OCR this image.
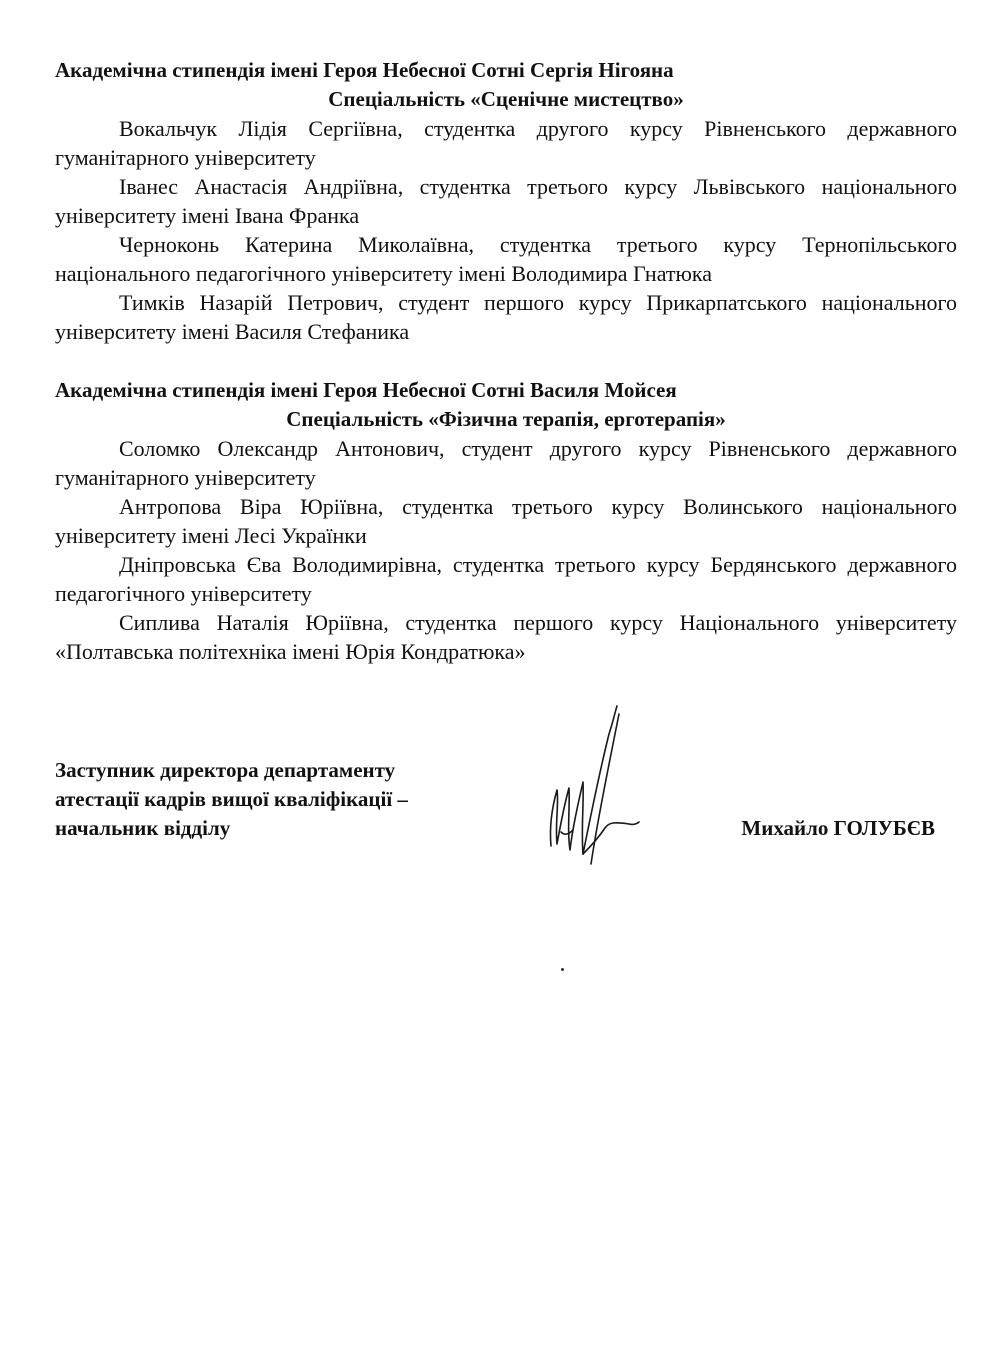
Академічна стипендія імені Героя Небесної Сотні Сергія Нігояна

Спеціальність «Сценічне мистецтво»

Вокальчук Лідія Сергіївна, студентка другого курсу Рівненського державного гуманітарного університету

Іванес Анастасія Андріївна, студентка третього курсу Львівського національного університету імені Івана Франка

Черноконь Катерина Миколаївна, студентка третього курсу Тернопільського національного педагогічного університету імені Володимира Гнатюка

Тимків Назарій Петрович, студент першого курсу Прикарпатського національного університету імені Василя Стефаника

Академічна стипендія імені Героя Небесної Сотні Василя Мойсея

Спеціальність «Фізична терапія, ерготерапія»

Соломко Олександр Антонович, студент другого курсу Рівненського державного гуманітарного університету

Антропова Віра Юріївна, студентка третього курсу Волинського національного університету імені Лесі Українки

Дніпровська Єва Володимирівна, студентка третього курсу Бердянського державного педагогічного університету

Сиплива Наталія Юріївна, студентка першого курсу Національного університету «Полтавська політехніка імені Юрія Кондратюка»

Заступник директора департаменту
атестації кадрів вищої кваліфікації –
начальник відділу	Михайло ГОЛУБЄВ
